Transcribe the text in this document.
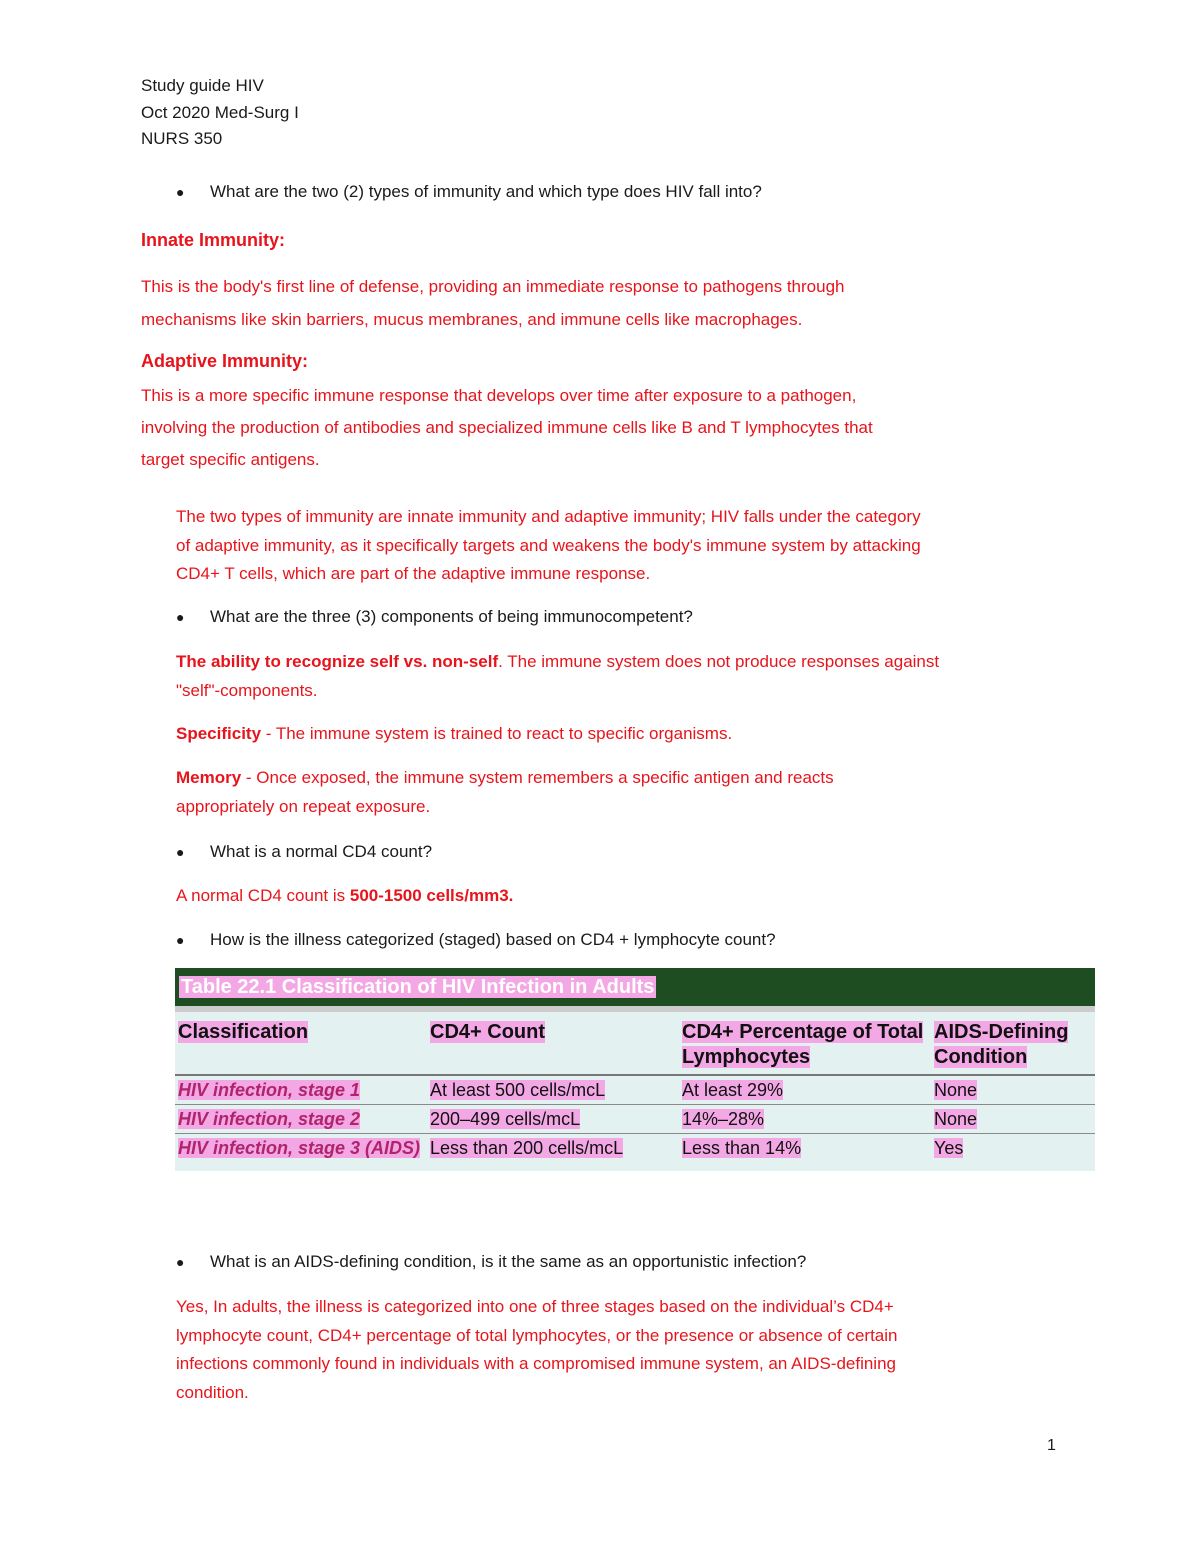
Study guide HIV
Oct 2020 Med-Surg I
NURS 350
●	What are the two (2) types of immunity and which type does HIV fall into?
Innate Immunity:
This is the body's first line of defense, providing an immediate response to pathogens through
mechanisms like skin barriers, mucus membranes, and immune cells like macrophages.
Adaptive Immunity:
This is a more specific immune response that develops over time after exposure to a pathogen,
involving the production of antibodies and specialized immune cells like B and T lymphocytes that
target specific antigens.
The two types of immunity are innate immunity and adaptive immunity; HIV falls under the category
of adaptive immunity, as it specifically targets and weakens the body's immune system by attacking
CD4+ T cells, which are part of the adaptive immune response.
●	What are the three (3) components of being immunocompetent?
The ability to recognize self vs. non-self. The immune system does not produce responses against
"self"-components.
Specificity - The immune system is trained to react to specific organisms.
Memory - Once exposed, the immune system remembers a specific antigen and reacts
appropriately on repeat exposure.
●	What is a normal CD4 count?
A normal CD4 count is 500-1500 cells/mm3.
●	How is the illness categorized (staged) based on CD4 + lymphocyte count?
Table 22.1 Classification of HIV Infection in Adults			
Classification	CD4+ Count	CD4+ Percentage of Total Lymphocytes	AIDS-Defining Condition
HIV infection, stage 1	At least 500 cells/mcL	At least 29%	None
HIV infection, stage 2	200–499 cells/mcL	14%–28%	None
HIV infection, stage 3 (AIDS)	Less than 200 cells/mcL	Less than 14%	Yes
●	What is an AIDS-defining condition, is it the same as an opportunistic infection?
Yes, In adults, the illness is categorized into one of three stages based on the individual’s CD4+
lymphocyte count, CD4+ percentage of total lymphocytes, or the presence or absence of certain
infections commonly found in individuals with a compromised immune system, an AIDS-defining
condition.
1
